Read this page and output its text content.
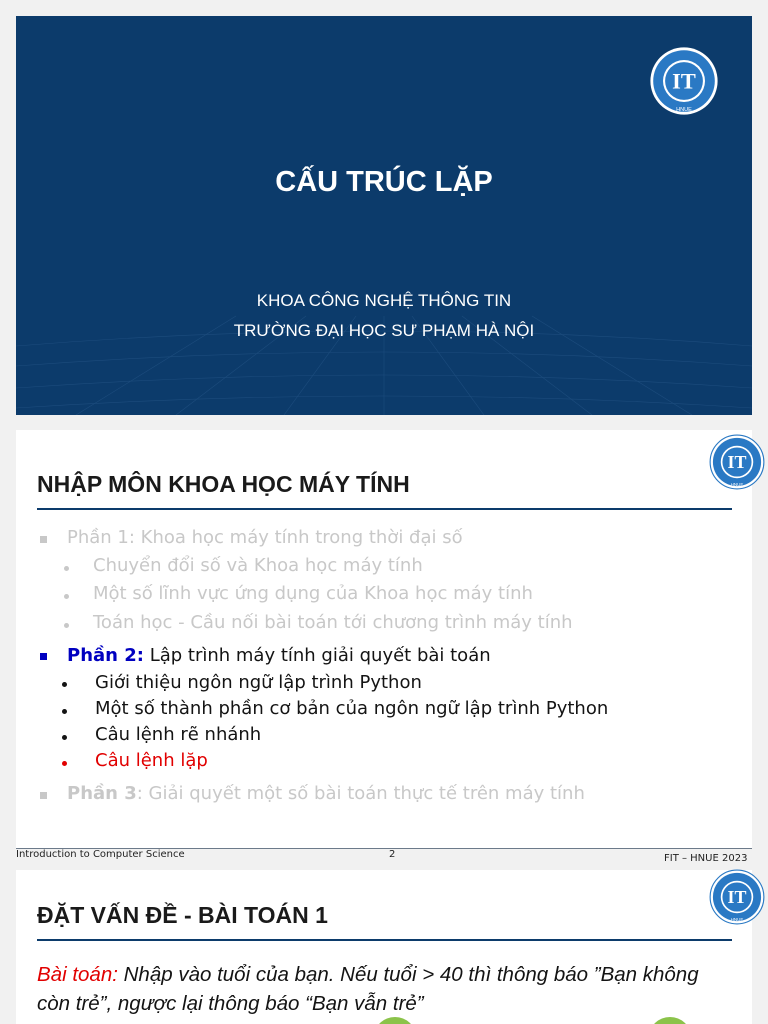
CẤU TRÚC LẶP
KHOA CÔNG NGHỆ THÔNG TIN
TRƯỜNG ĐẠI HỌC SƯ PHẠM HÀ NỘI
IT
HNUE
NHẬP MÔN KHOA HỌC MÁY TÍNH
Phần 1: Khoa học máy tính trong thời đại số
Chuyển đổi số và Khoa học máy tính
Một số lĩnh vực ứng dụng của Khoa học máy tính
Toán học - Cầu nối bài toán tới chương trình máy tính
Phần 2: Lập trình máy tính giải quyết bài toán
Giới thiệu ngôn ngữ lập trình Python
Một số thành phần cơ bản của ngôn ngữ lập trình Python
Câu lệnh rẽ nhánh
Câu lệnh lặp
Phần 3: Giải quyết một số bài toán thực tế trên máy tính
IT
HNUE
Introduction to Computer Science	2	FIT – HNUE 2023
ĐẶT VẤN ĐỀ - BÀI TOÁN 1
Bài toán: Nhập vào tuổi của bạn. Nếu tuổi > 40 thì thông báo ”Bạn không còn trẻ”, ngược lại thông báo “Bạn vẫn trẻ”
IT
HNUE
